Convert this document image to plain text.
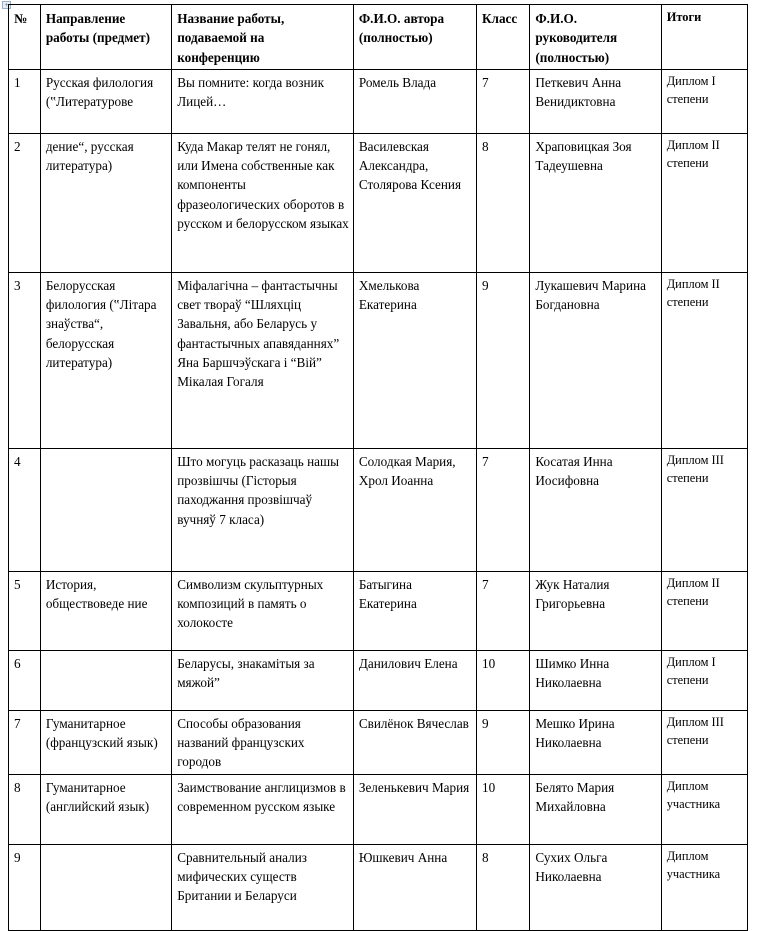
+
№	Направление работы (предмет)	Название работы, подаваемой на конференцию	Ф.И.О. автора (полностью)	Класс	Ф.И.О. руководителя (полностью)	Итоги
1	Русская филология (‟Литературове	Вы помните: когда возник Лицей…	Ромель Влада	7	Петкевич Анна Венидиктовна	Диплом I степени
2	дение“, русская литература)	Куда Макар телят не гонял, или Имена собственные как компоненты фразеологических оборотов в русском и белорусском языках	Василевская Александра, Столярова Ксения	8	Храповицкая Зоя Тадеушевна	Диплом II степени
3	Белорусская филология (‟Літара знаўства“, белорусская литература)	Міфалагічна – фантастычны свет твораў “Шляхціц Завальня, або Беларусь у фантастычных апавяданнях” Яна Баршчэўскага і “Вій” Мікалая Гогаля	Хмелькова Екатерина	9	Лукашевич Марина Богдановна	Диплом II степени
4		Што могуць расказаць нашы прозвішчы (Гісторыя паходжання прозвішчаў вучняў 7 класа)	Солодкая Мария, Хрол Иоанна	7	Косатая Инна Иосифовна	Диплом III степени
5	История, обществоведе ние	Символизм скульптурных композиций в память о холокосте	Батыгина Екатерина	7	Жук Наталия Григорьевна	Диплом II степени
6		Беларусы, знакамітыя за мяжой”	Данилович Елена	10	Шимко Инна Николаевна	Диплом I степени
7	Гуманитарное (французский язык)	Способы образования названий французских городов	Свилёнок Вячеслав	9	Мешко Ирина Николаевна	Диплом III степени
8	Гуманитарное (английский язык)	Заимствование англицизмов в современном русском языке	Зеленькевич Мария	10	Белято Мария Михайловна	Диплом участника
9		Сравнительный анализ мифических существ Британии и Беларуси	Юшкевич Анна	8	Сухих Ольга Николаевна	Диплом участника
